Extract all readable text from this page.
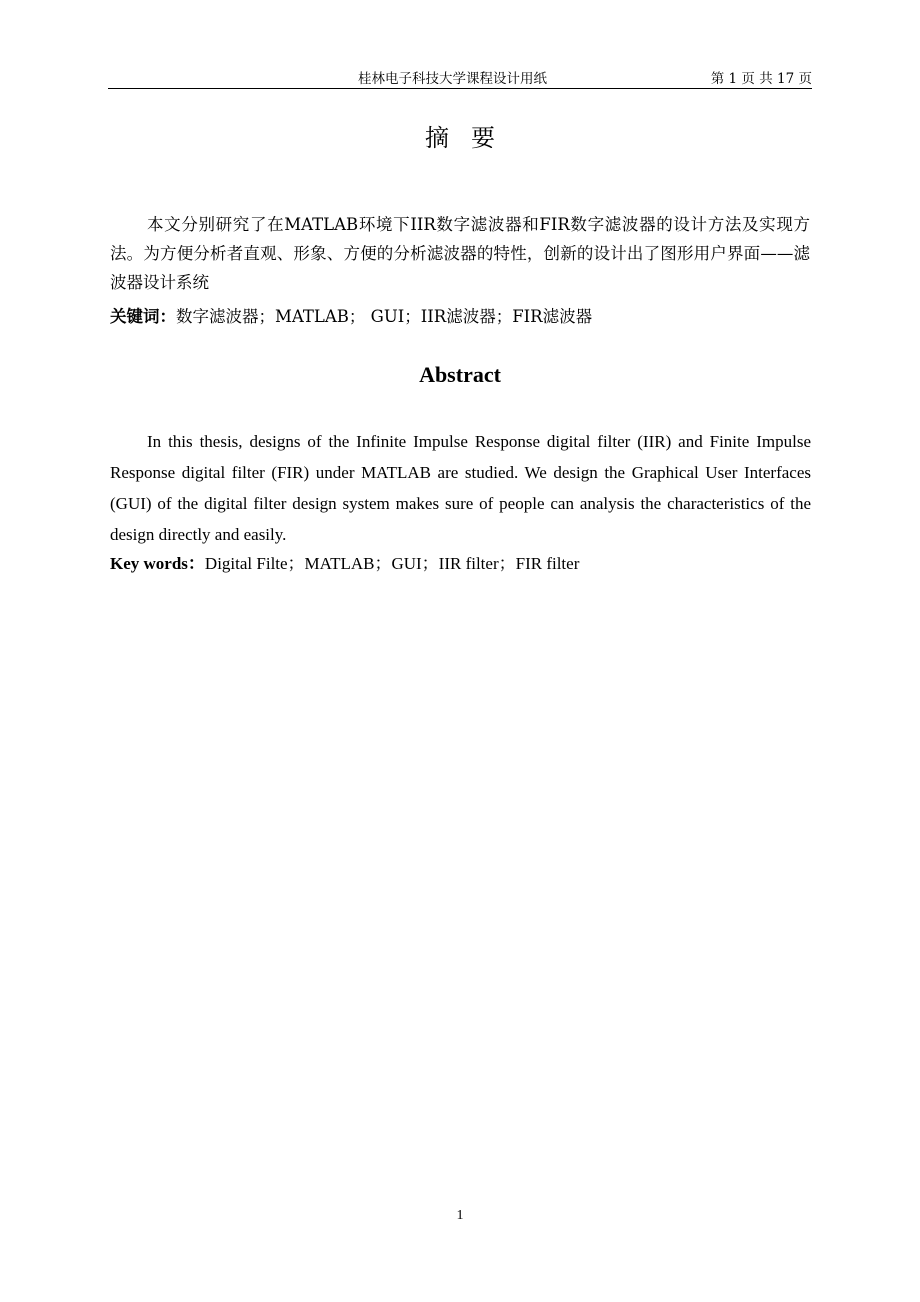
桂林电子科技大学课程设计用纸	第 1 页 共 17 页
摘要
本文分别研究了在MATLAB环境下IIR数字滤波器和FIR数字滤波器的设计方法及实现方法。为方便分析者直观、形象、方便的分析滤波器的特性，创新的设计出了图形用户界面——滤波器设计系统
关键词：数字滤波器；MATLAB； GUI；IIR滤波器；FIR滤波器
Abstract
In this thesis, designs of the Infinite Impulse Response digital filter (IIR) and Finite Impulse Response digital filter (FIR) under MATLAB are studied. We design the Graphical User Interfaces (GUI) of the digital filter design system makes sure of people can analysis the characteristics of the design directly and easily.
Key words：Digital Filte；MATLAB；GUI；IIR filter；FIR filter
1
